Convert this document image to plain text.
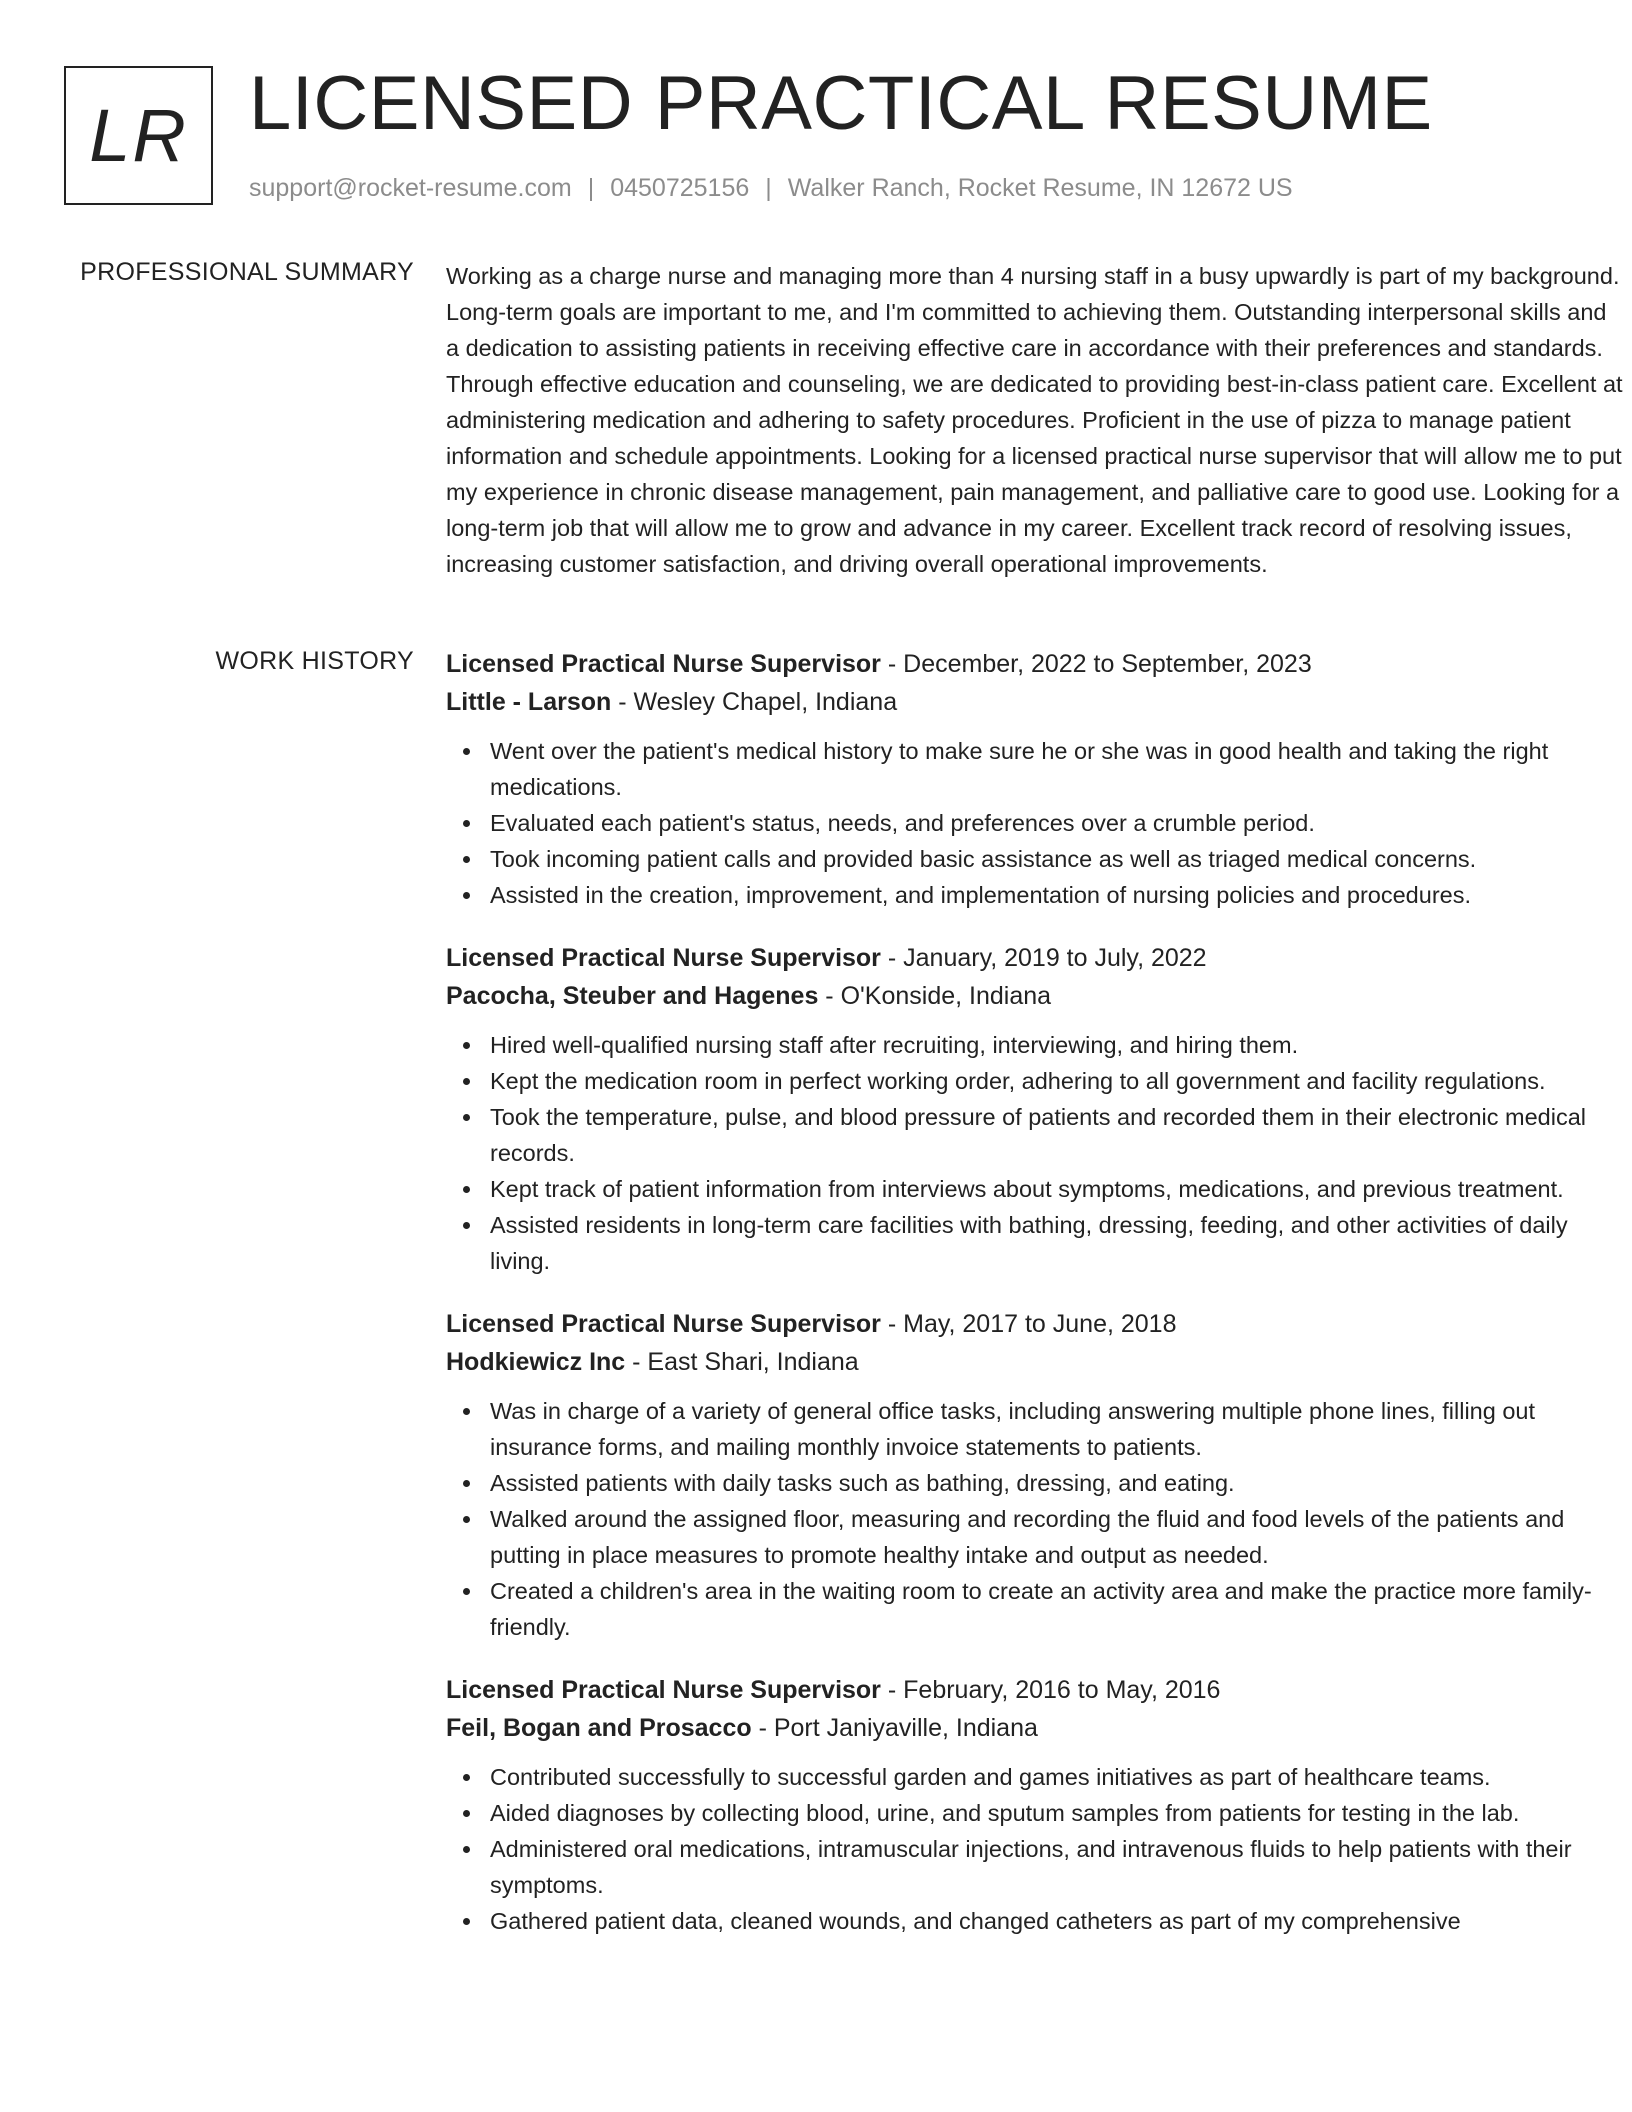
LR LICENSED PRACTICAL RESUME
support@rocket-resume.com | 0450725156 | Walker Ranch, Rocket Resume, IN 12672 US
PROFESSIONAL SUMMARY Working as a charge nurse and managing more than 4 nursing staff in a busy upwardly is part of my background. Long-term goals are important to me, and I'm committed to achieving them. Outstanding interpersonal skills and a dedication to assisting patients in receiving effective care in accordance with their preferences and standards. Through effective education and counseling, we are dedicated to providing best-in-class patient care. Excellent at administering medication and adhering to safety procedures. Proficient in the use of pizza to manage patient information and schedule appointments. Looking for a licensed practical nurse supervisor that will allow me to put my experience in chronic disease management, pain management, and palliative care to good use. Looking for a long-term job that will allow me to grow and advance in my career. Excellent track record of resolving issues, increasing customer satisfaction, and driving overall operational improvements.

WORK HISTORY Licensed Practical Nurse Supervisor - December, 2022 to September, 2023
Little - Larson - Wesley Chapel, Indiana
Went over the patient's medical history to make sure he or she was in good health and taking the right medications.
Evaluated each patient's status, needs, and preferences over a crumble period.
Took incoming patient calls and provided basic assistance as well as triaged medical concerns.
Assisted in the creation, improvement, and implementation of nursing policies and procedures.
Licensed Practical Nurse Supervisor - January, 2019 to July, 2022
Pacocha, Steuber and Hagenes - O'Konside, Indiana
Hired well-qualified nursing staff after recruiting, interviewing, and hiring them.
Kept the medication room in perfect working order, adhering to all government and facility regulations.
Took the temperature, pulse, and blood pressure of patients and recorded them in their electronic medical records.
Kept track of patient information from interviews about symptoms, medications, and previous treatment.
Assisted residents in long-term care facilities with bathing, dressing, feeding, and other activities of daily living.
Licensed Practical Nurse Supervisor - May, 2017 to June, 2018
Hodkiewicz Inc - East Shari, Indiana
Was in charge of a variety of general office tasks, including answering multiple phone lines, filling out insurance forms, and mailing monthly invoice statements to patients.
Assisted patients with daily tasks such as bathing, dressing, and eating.
Walked around the assigned floor, measuring and recording the fluid and food levels of the patients and putting in place measures to promote healthy intake and output as needed.
Created a children's area in the waiting room to create an activity area and make the practice more family-friendly.
Licensed Practical Nurse Supervisor - February, 2016 to May, 2016
Feil, Bogan and Prosacco - Port Janiyaville, Indiana
Contributed successfully to successful garden and games initiatives as part of healthcare teams.
Aided diagnoses by collecting blood, urine, and sputum samples from patients for testing in the lab.
Administered oral medications, intramuscular injections, and intravenous fluids to help patients with their symptoms.
Gathered patient data, cleaned wounds, and changed catheters as part of my comprehensive
